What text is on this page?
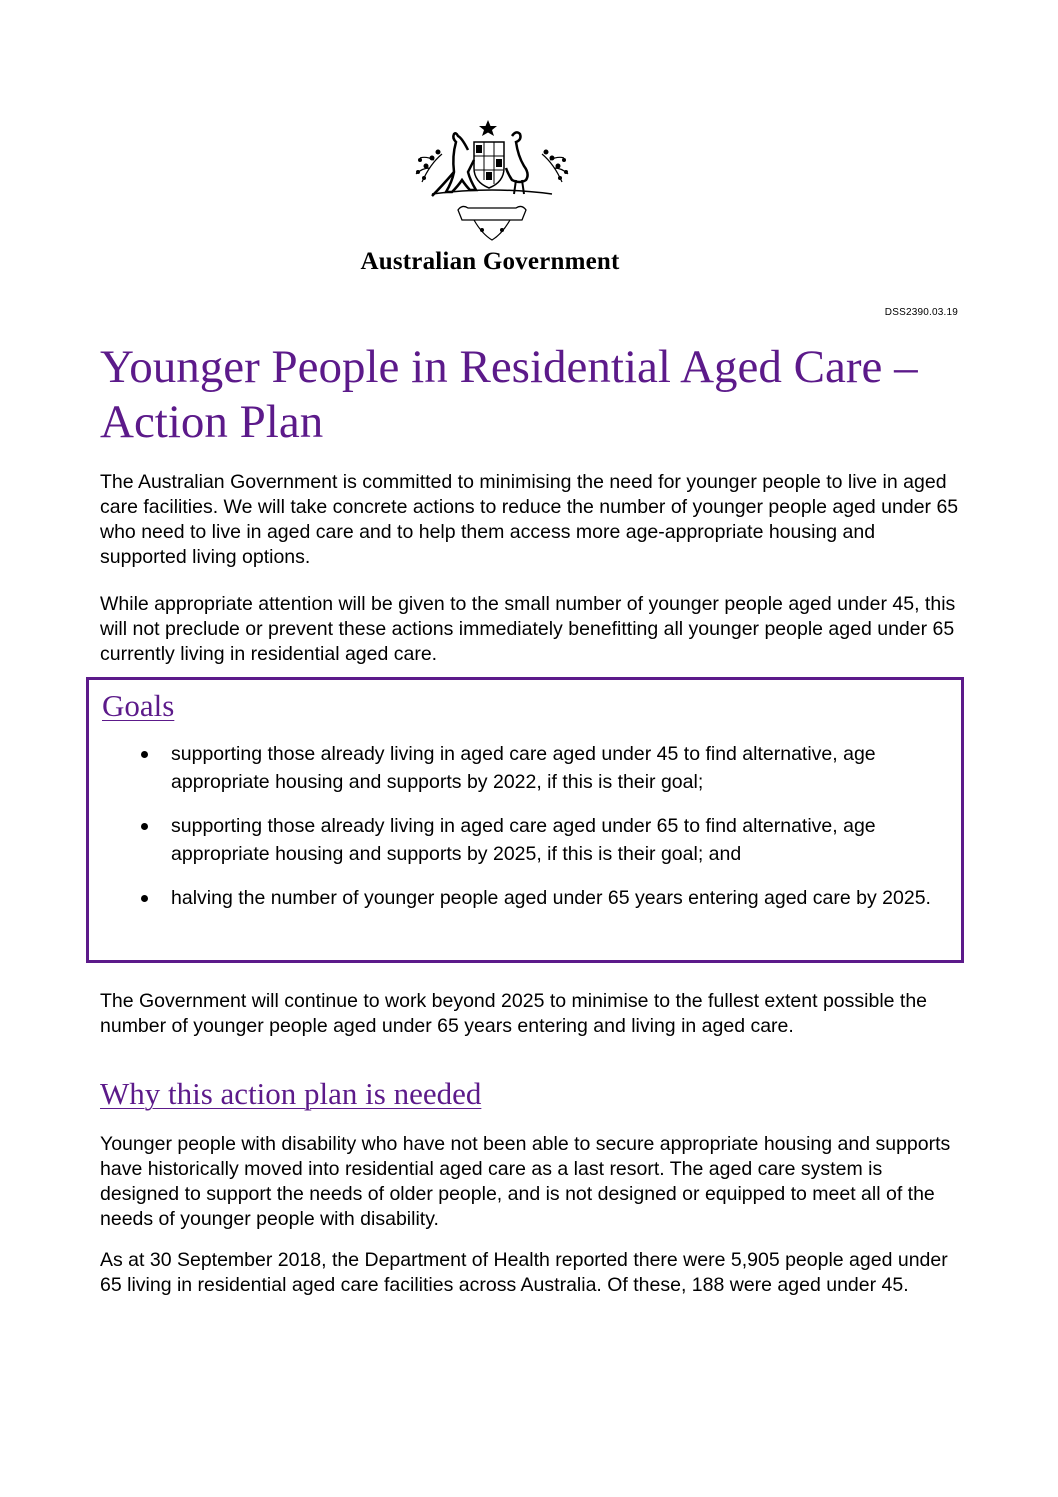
Australian Government
DSS2390.03.19
Younger People in Residential Aged Care – Action Plan

The Australian Government is committed to minimising the need for younger people to live in aged care facilities. We will take concrete actions to reduce the number of younger people aged under 65 who need to live in aged care and to help them access more age-appropriate housing and supported living options.

While appropriate attention will be given to the small number of younger people aged under 45, this will not preclude or prevent these actions immediately benefitting all younger people aged under 65 currently living in residential aged care.

Goals
supporting those already living in aged care aged under 45 to find alternative, age appropriate housing and supports by 2022, if this is their goal;
supporting those already living in aged care aged under 65 to find alternative, age appropriate housing and supports by 2025, if this is their goal; and
halving the number of younger people aged under 65 years entering aged care by 2025.

The Government will continue to work beyond 2025 to minimise to the fullest extent possible the number of younger people aged under 65 years entering and living in aged care.

Why this action plan is needed

Younger people with disability who have not been able to secure appropriate housing and supports have historically moved into residential aged care as a last resort. The aged care system is designed to support the needs of older people, and is not designed or equipped to meet all of the needs of younger people with disability.

As at 30 September 2018, the Department of Health reported there were 5,905 people aged under 65 living in residential aged care facilities across Australia. Of these, 188 were aged under 45.
